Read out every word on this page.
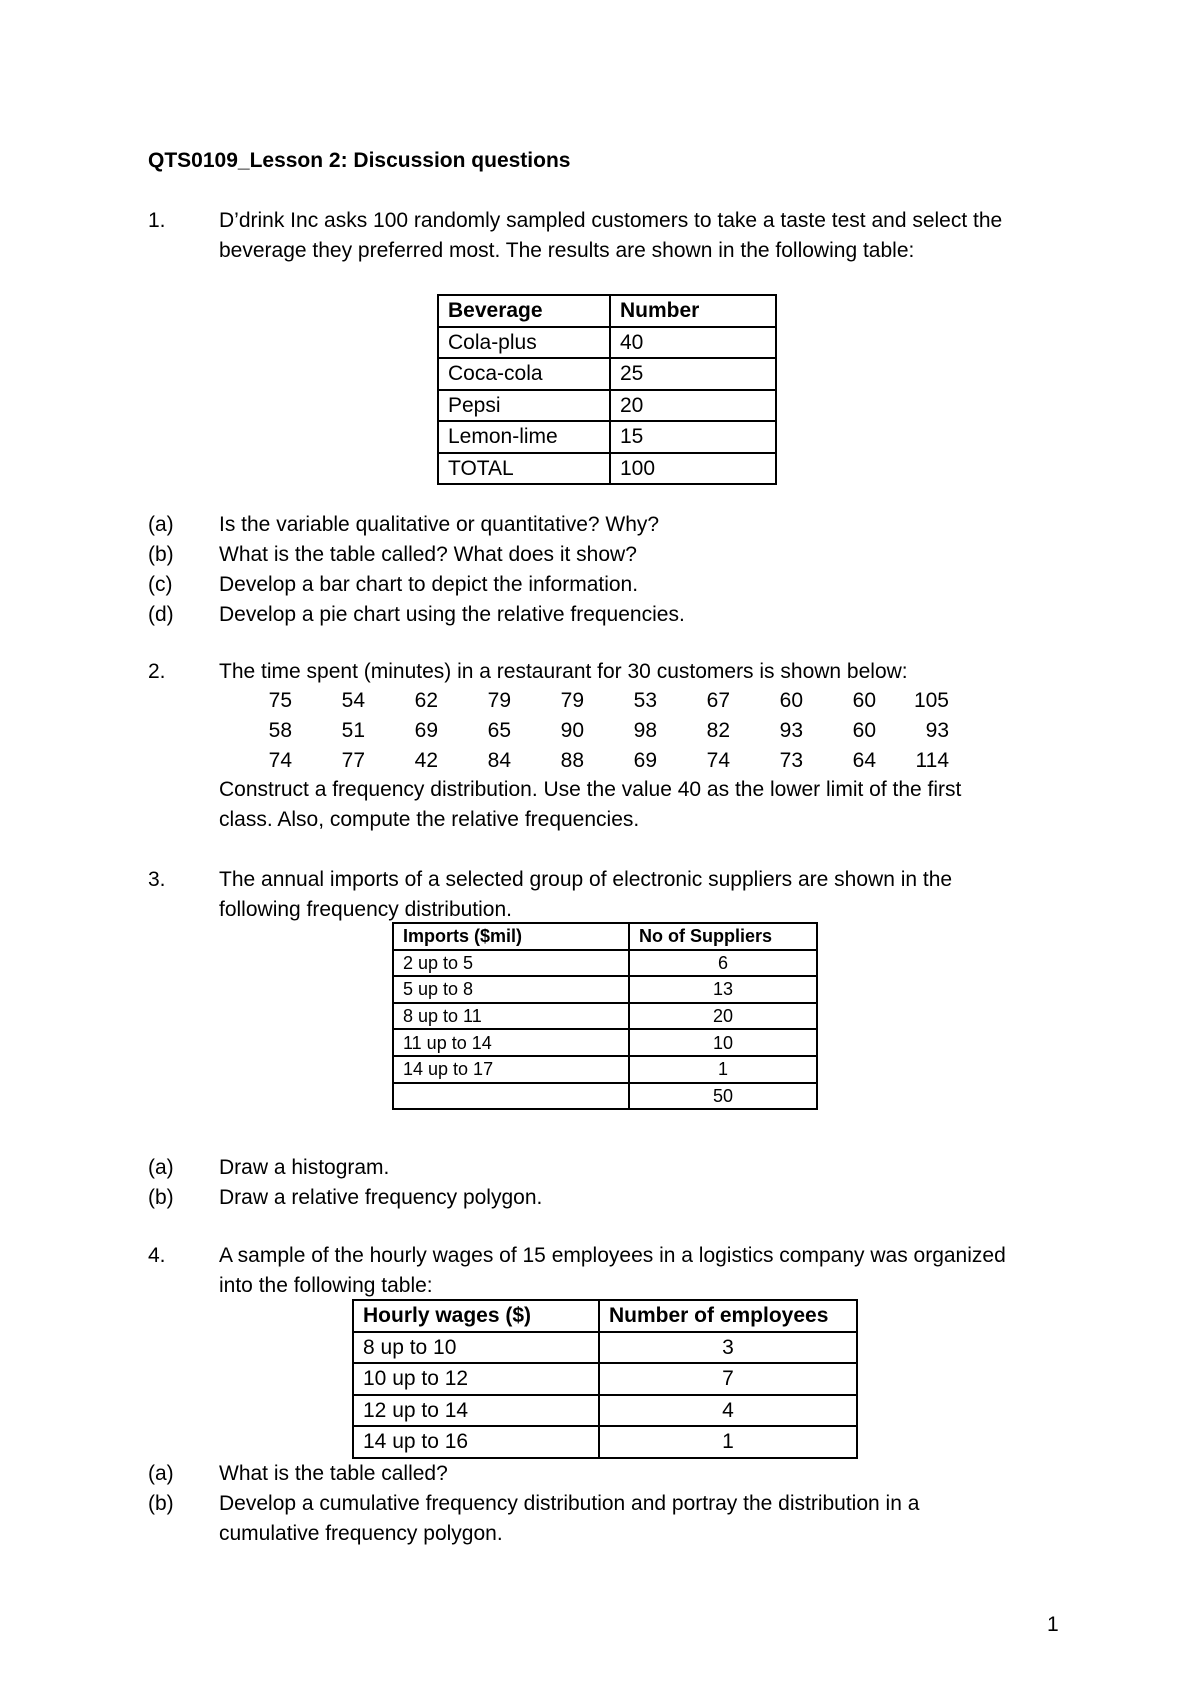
QTS0109_Lesson 2: Discussion questions
1.	D’drink Inc asks 100 randomly sampled customers to take a taste test and select the
beverage they preferred most. The results are shown in the following table:
Beverage	Number
Cola-plus	40
Coca-cola	25
Pepsi	20
Lemon-lime	15
TOTAL	100
(a) Is the variable qualitative or quantitative? Why?
(b) What is the table called? What does it show?
(c) Develop a bar chart to depict the information.
(d) Develop a pie chart using the relative frequencies.
2.	The time spent (minutes) in a restaurant for 30 customers is shown below:
75	54	62	79	79	53	67	60	60	105
58	51	69	65	90	98	82	93	60	93
74	77	42	84	88	69	74	73	64	114
Construct a frequency distribution. Use the value 40 as the lower limit of the first
class. Also, compute the relative frequencies.
3.	The annual imports of a selected group of electronic suppliers are shown in the
following frequency distribution.
Imports ($mil)	No of Suppliers
2 up to 5	6
5 up to 8	13
8 up to 11	20
11 up to 14	10
14 up to 17	1
	50
(a) Draw a histogram.
(b) Draw a relative frequency polygon.
4.	A sample of the hourly wages of 15 employees in a logistics company was organized
into the following table:
Hourly wages ($)	Number of employees
8 up to 10	3
10 up to 12	7
12 up to 14	4
14 up to 16	1
(a) What is the table called?
(b) Develop a cumulative frequency distribution and portray the distribution in a
cumulative frequency polygon.
1
